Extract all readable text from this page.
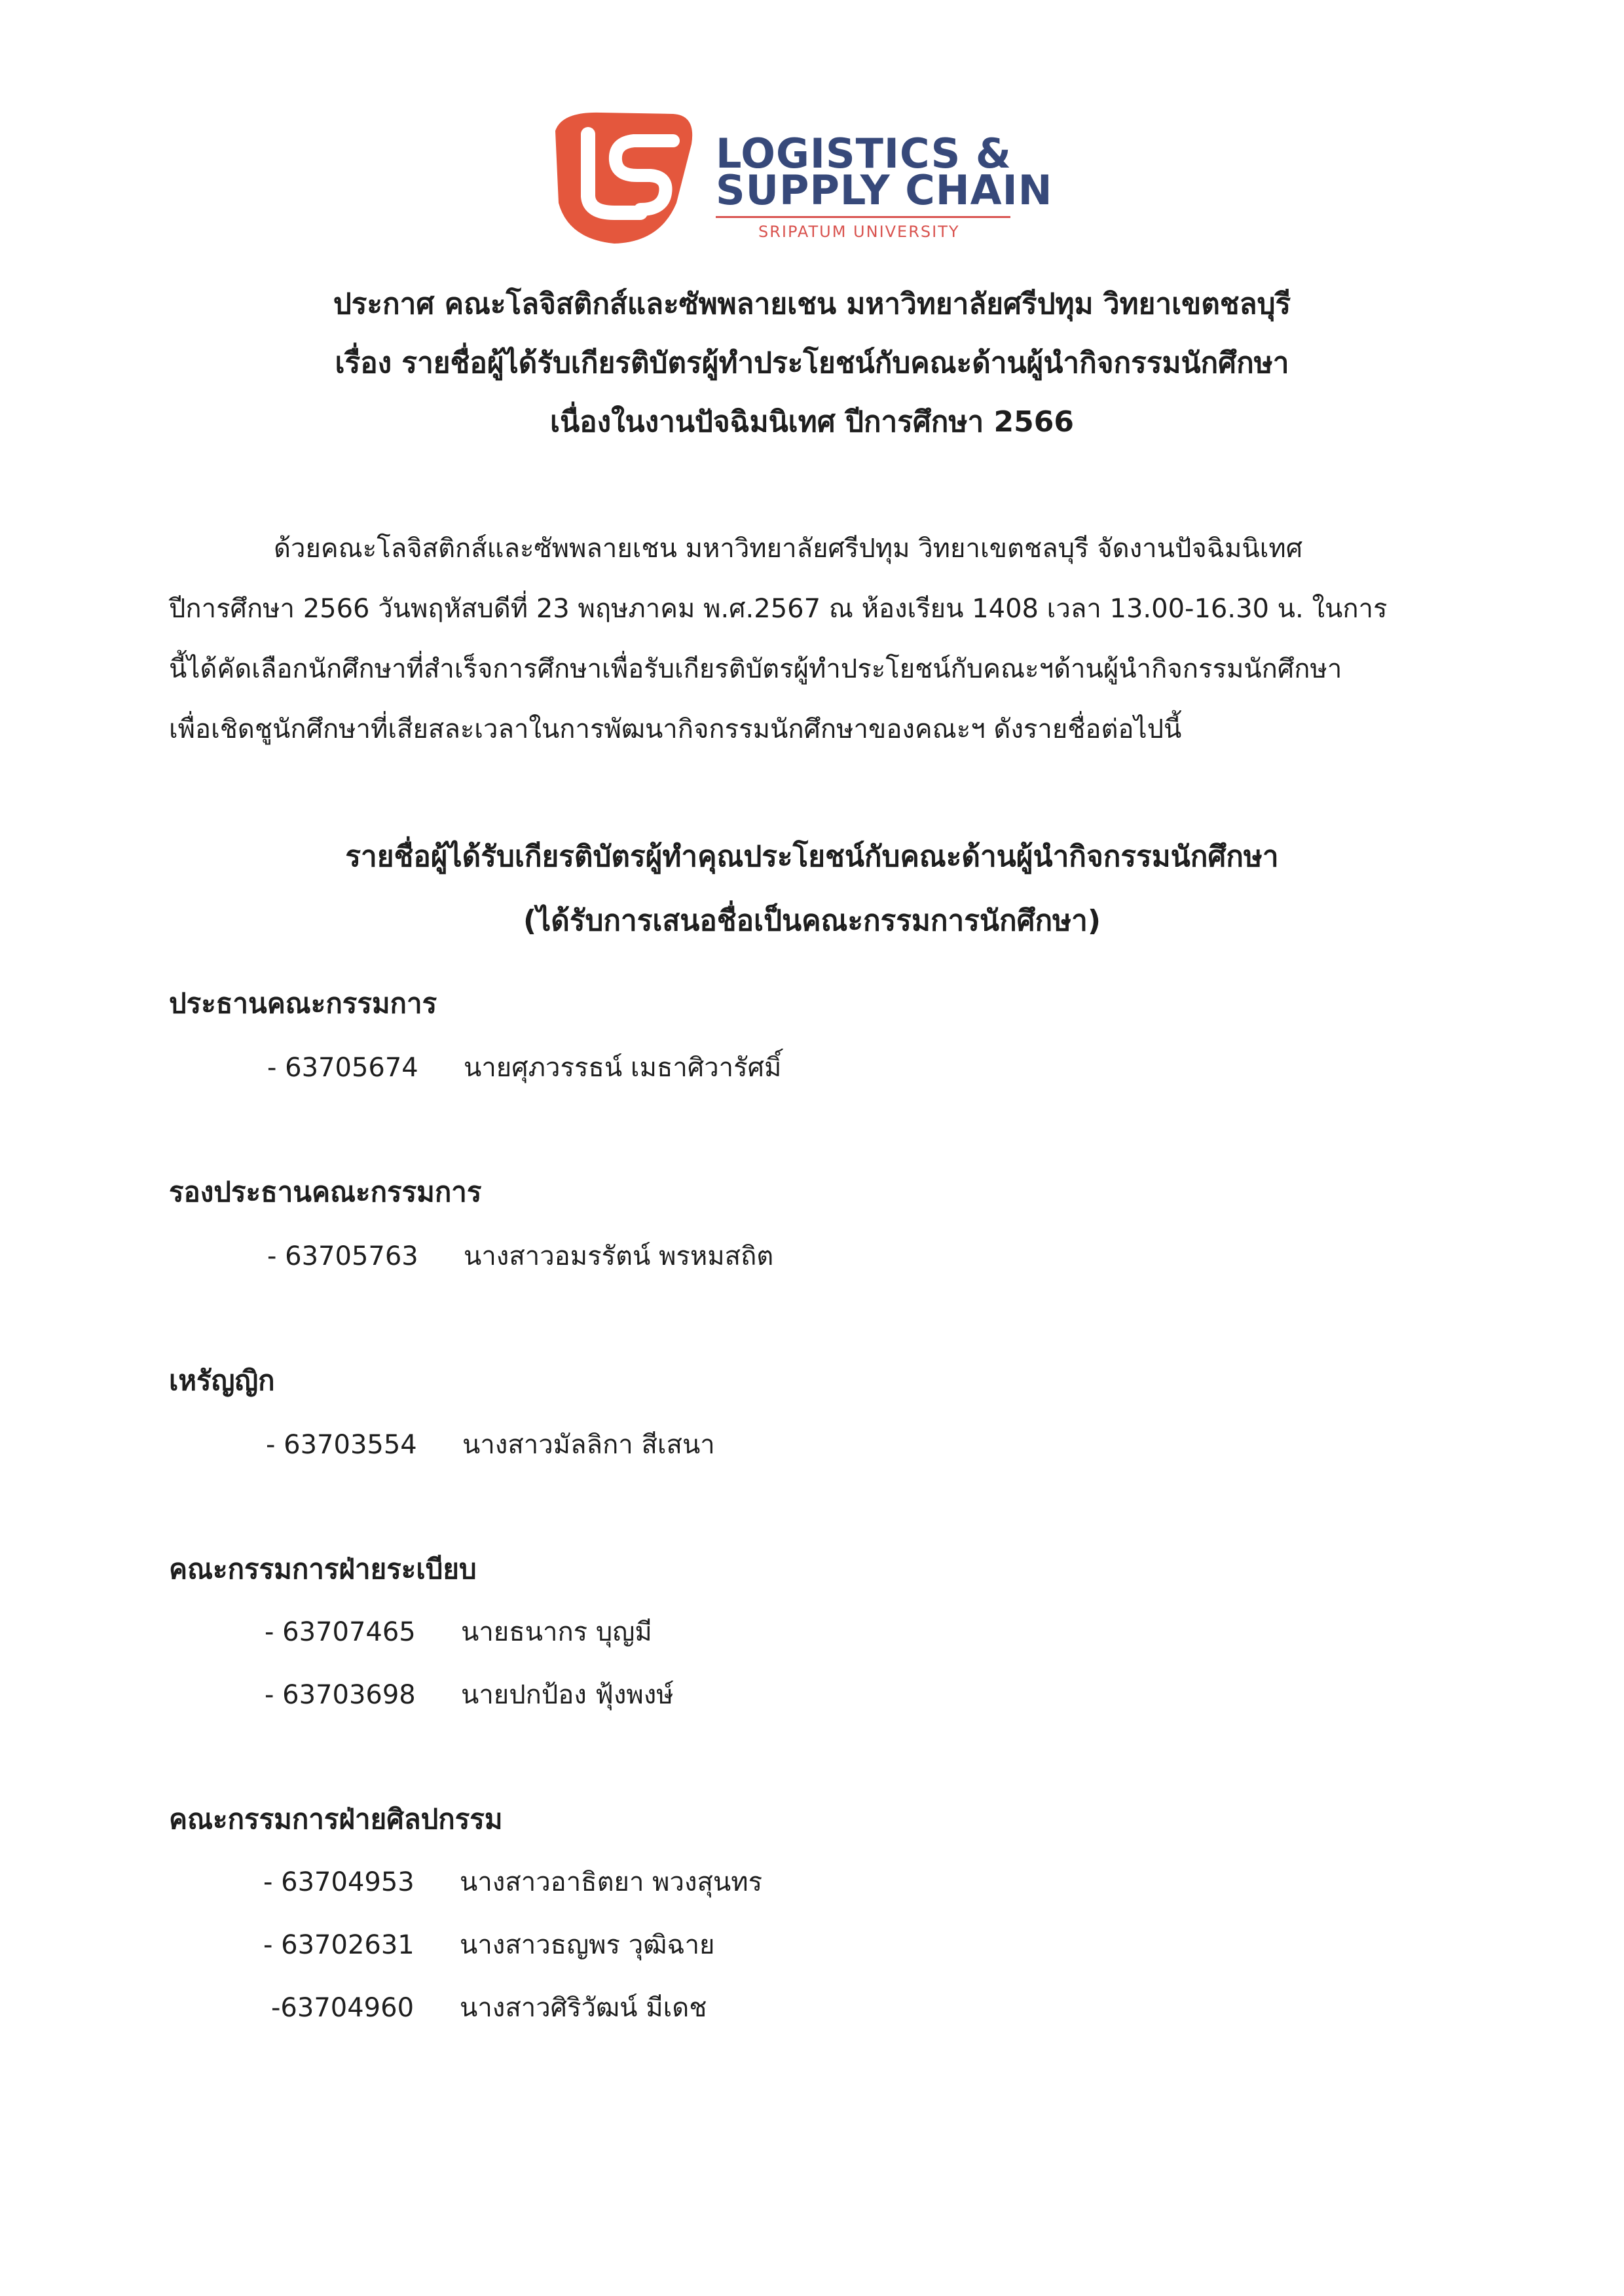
LOGISTICS &
SUPPLY CHAIN
SRIPATUM UNIVERSITY
ประกาศ คณะโลจิสติกส์และซัพพลายเชน มหาวิทยาลัยศรีปทุม วิทยาเขตชลบุรี
เรื่อง รายชื่อผู้ได้รับเกียรติบัตรผู้ทำประโยชน์กับคณะด้านผู้นำกิจกรรมนักศึกษา
เนื่องในงานปัจฉิมนิเทศ ปีการศึกษา 2566
ด้วยคณะโลจิสติกส์และซัพพลายเชน มหาวิทยาลัยศรีปทุม วิทยาเขตชลบุรี จัดงานปัจฉิมนิเทศ
ปีการศึกษา 2566 วันพฤหัสบดีที่ 23 พฤษภาคม พ.ศ.2567 ณ ห้องเรียน 1408 เวลา 13.00-16.30 น. ในการ
นี้ได้คัดเลือกนักศึกษาที่สำเร็จการศึกษาเพื่อรับเกียรติบัตรผู้ทำประโยชน์กับคณะฯด้านผู้นำกิจกรรมนักศึกษา
เพื่อเชิดชูนักศึกษาที่เสียสละเวลาในการพัฒนากิจกรรมนักศึกษาของคณะฯ ดังรายชื่อต่อไปนี้
รายชื่อผู้ได้รับเกียรติบัตรผู้ทำคุณประโยชน์กับคณะด้านผู้นำกิจกรรมนักศึกษา
(ได้รับการเสนอชื่อเป็นคณะกรรมการนักศึกษา)
ประธานคณะกรรมการ
- 63705674 นายศุภวรรธน์ เมธาศิวารัศมิ์
รองประธานคณะกรรมการ
- 63705763 นางสาวอมรรัตน์ พรหมสถิต
เหรัญญิก
- 63703554 นางสาวมัลลิกา สีเสนา
คณะกรรมการฝ่ายระเบียบ
- 63707465 นายธนากร บุญมี
- 63703698 นายปกป้อง ฟุ้งพงษ์
คณะกรรมการฝ่ายศิลปกรรม
- 63704953 นางสาวอาธิตยา พวงสุนทร
- 63702631 นางสาวธญพร วุฒิฉาย
-63704960 นางสาวศิริวัฒน์ มีเดช
